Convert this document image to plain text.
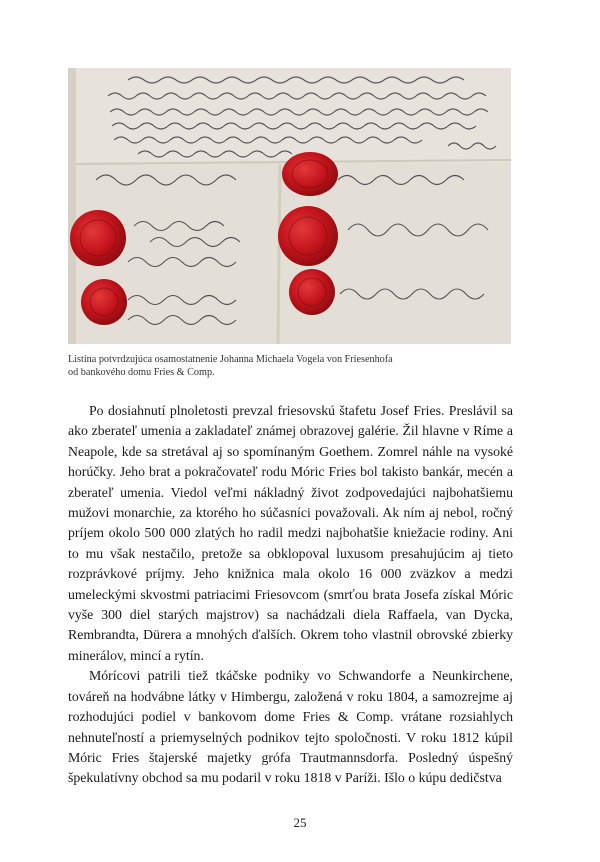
Listina potvrdzujúca osamostatnenie Johanna Michaela Vogela von Friesenhofa
od bankového domu Fries & Comp.

Po dosiahnutí plnoletosti prevzal friesovskú štafetu Josef Fries. Preslávil sa ako zberateľ umenia a zakladateľ známej obrazovej galérie. Žil hlavne v Ríme a Neapole, kde sa stretával aj so spomínaným Goethem. Zomrel náhle na vysoké horúčky. Jeho brat a pokračovateľ rodu Móric Fries bol takisto bankár, mecén a zberateľ umenia. Viedol veľmi nákladný život zodpovedajúci najbohatšiemu mužovi monarchie, za ktorého ho súčasníci považovali. Ak ním aj nebol, ročný príjem okolo 500 000 zlatých ho radil medzi najbohatšie kniežacie rodiny. Ani to mu však nestačilo, pretože sa obklopoval luxusom presahujúcim aj tieto rozprávkové príjmy. Jeho knižnica mala okolo 16 000 zväzkov a medzi umeleckými skvostmi patriacimi Friesovcom (smrťou brata Josefa získal Móric vyše 300 diel starých majstrov) sa nachádzali diela Raffaela, van Dycka, Rembrandta, Dürera a mnohých ďalších. Okrem toho vlastnil obrovské zbierky minerálov, mincí a rytín.

Mórícovi patrili tiež tkáčske podniky vo Schwandorfe a Neunkirchene, továreň na hodvábne látky v Himbergu, založená v roku 1804, a samozrejme aj rozhodujúci podiel v bankovom dome Fries & Comp. vrátane rozsiahlych nehnuteľností a priemyselných podnikov tejto spoločnosti. V roku 1812 kúpil Móric Fries štajerské majetky grófa Trautmannsdorfa. Posledný úspešný špekulatívny obchod sa mu podaril v roku 1818 v Paríži. Išlo o kúpu dedičstva

25
